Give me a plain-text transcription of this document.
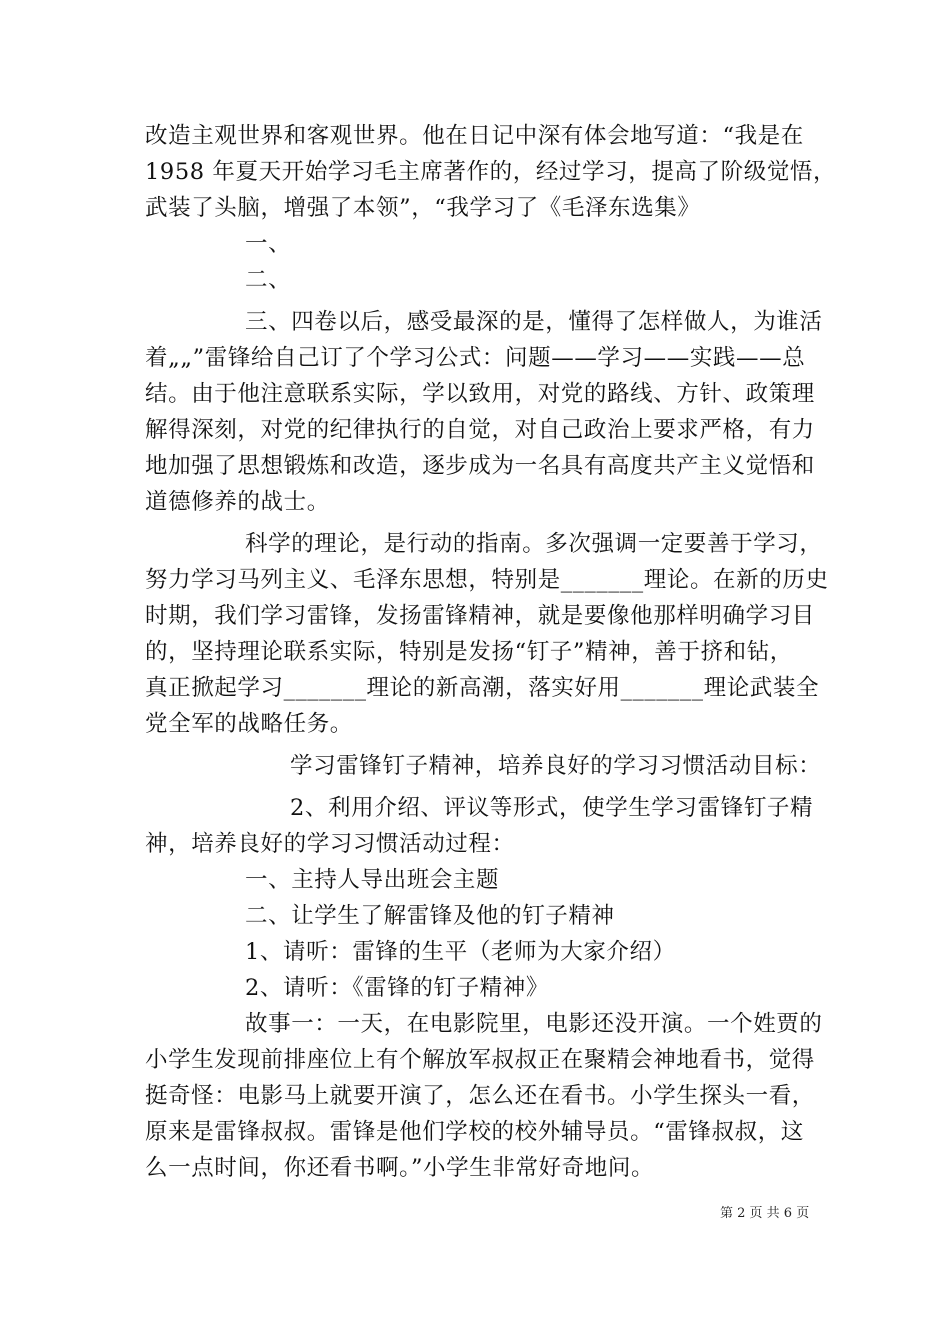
改造主观世界和客观世界。他在日记中深有体会地写道：“我是在
1958 年夏天开始学习毛主席著作的，经过学习，提高了阶级觉悟，
武装了头脑，增强了本领”，“我学习了《毛泽东选集》
一、
二、
三、四卷以后，感受最深的是，懂得了怎样做人，为谁活
着„„”雷锋给自己订了个学习公式：问题——学习——实践——总
结。由于他注意联系实际，学以致用，对党的路线、方针、政策理
解得深刻，对党的纪律执行的自觉，对自己政治上要求严格，有力
地加强了思想锻炼和改造，逐步成为一名具有高度共产主义觉悟和
道德修养的战士。
科学的理论，是行动的指南。多次强调一定要善于学习，
努力学习马列主义、毛泽东思想，特别是_______理论。在新的历史
时期，我们学习雷锋，发扬雷锋精神，就是要像他那样明确学习目
的，坚持理论联系实际，特别是发扬“钉子”精神，善于挤和钻，
真正掀起学习_______理论的新高潮，落实好用_______理论武装全
党全军的战略任务。
学习雷锋钉子精神，培养良好的学习习惯活动目标：
2、利用介绍、评议等形式，使学生学习雷锋钉子精
神，培养良好的学习习惯活动过程：
一、主持人导出班会主题
二、让学生了解雷锋及他的钉子精神
1、请听：雷锋的生平（老师为大家介绍）
2、请听：《雷锋的钉子精神》
故事一：一天，在电影院里，电影还没开演。一个姓贾的
小学生发现前排座位上有个解放军叔叔正在聚精会神地看书，觉得
挺奇怪：电影马上就要开演了，怎么还在看书。小学生探头一看，
原来是雷锋叔叔。雷锋是他们学校的校外辅导员。“雷锋叔叔，这
么一点时间，你还看书啊。”小学生非常好奇地问。
第 2 页 共 6 页
